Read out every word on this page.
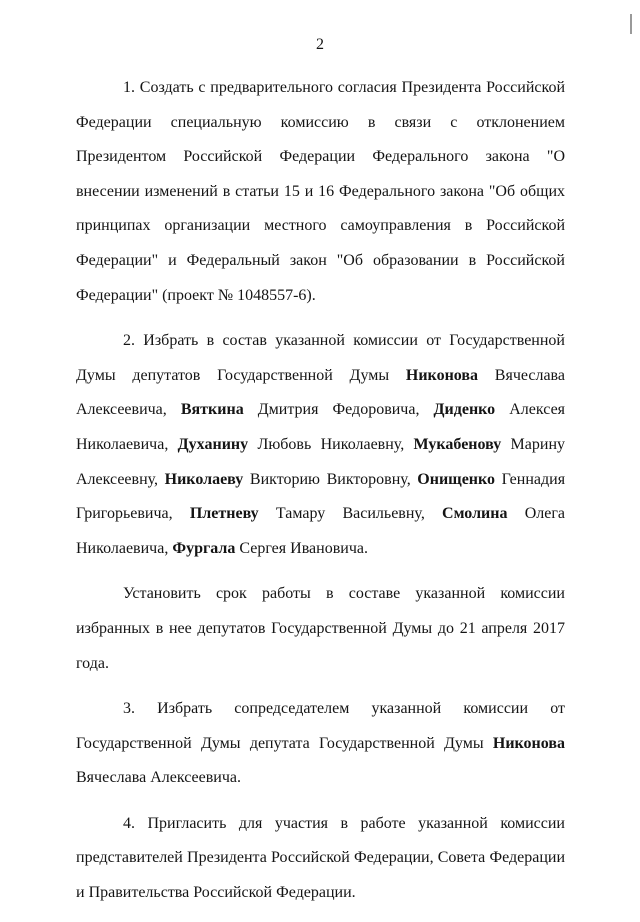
2

1. Создать с предварительного согласия Президента Российской Федерации специальную комиссию в связи с отклонением Президентом Российской Федерации Федерального закона "О внесении изменений в статьи 15 и 16 Федерального закона "Об общих принципах организации местного самоуправления в Российской Федерации" и Федеральный закон "Об образовании в Российской Федерации" (проект № 1048557-6).

2. Избрать в состав указанной комиссии от Государственной Думы депутатов Государственной Думы Никонова Вячеслава Алексеевича, Вяткина Дмитрия Федоровича, Диденко Алексея Николаевича, Духанину Любовь Николаевну, Мукабенову Марину Алексеевну, Николаеву Викторию Викторовну, Онищенко Геннадия Григорьевича, Плетневу Тамару Васильевну, Смолина Олега Николаевича, Фургала Сергея Ивановича.

Установить срок работы в составе указанной комиссии избранных в нее депутатов Государственной Думы до 21 апреля 2017 года.

3. Избрать сопредседателем указанной комиссии от Государственной Думы депутата Государственной Думы Никонова Вячеслава Алексеевича.

4. Пригласить для участия в работе указанной комиссии представителей Президента Российской Федерации, Совета Федерации и Правительства Российской Федерации.
